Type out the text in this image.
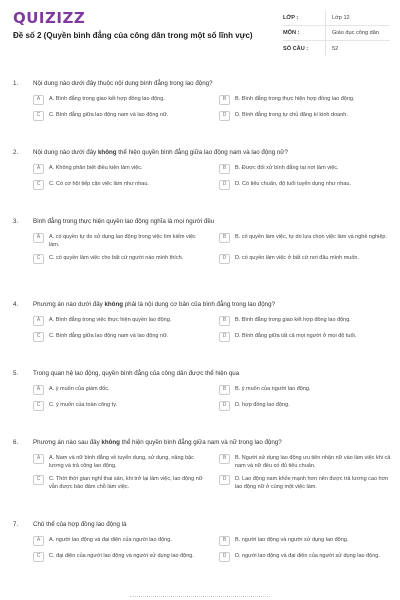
QUIZIZZ
Đề số 2 (Quyền bình đẳng của công dân trong một số lĩnh vực)
LỚP :	Lớp 12
MÔN :	Giáo dục công dân
SỐ CÂU :	52
1.	Nội dung nào dưới đây thuộc nội dung bình đẳng trong lao động?
A	A. Bình đẳng trong giao kết hợp đồng lao động.	B	B. Bình đẳng trong thực hiện hợp đồng lao động.
C	C. Bình đẳng giữa lao động nam và lao động nữ.	D	D. Bình đẳng trong tự chủ đăng kí kinh doanh.
2.	Nội dung nào dưới đây không thể hiện quyền bình đẳng giữa lao động nam và lao động nữ?
A	A. Không phân biệt điều kiện làm việc.	B	B. Được đối xử bình đẳng tại nơi làm việc.
C	C. Có cơ hội tiếp cận việc làm như nhau.	D	D. Có tiêu chuẩn, độ tuổi tuyển dụng như nhau.
3.	Bình đẳng trong thực hiện quyền lao động nghĩa là mọi người đều
A	A. có quyền tự do sử dụng lao động trong việc tìm kiếm việc làm.
B	B. có quyền làm việc, tự do lựa chọn việc làm và nghề nghiệp.
C	C. có quyền làm việc cho bất cứ người nào mình thích.	D	D. có quyền làm việc ở bất cứ nơi đâu mình muốn.
4.	Phương án nào dưới đây không phải là nội dung cơ bản của bình đẳng trong lao động?
A	A. Bình đẳng trong việc thực hiện quyền lao động.	B	B. Bình đẳng trong giao kết hợp đồng lao động.
C	C. Bình đẳng giữa lao động nam và lao động nữ.	D	D. Bình đẳng giữa tất cả mọi người ở mọi độ tuổi.
5.	Trong quan hệ lao động, quyền bình đẳng của công dân được thể hiện qua
A	A. ý muốn của giám đốc.	B	B. ý muốn của người lao động.
C	C. ý muốn của toàn công ty.	D	D. hợp đồng lao động.
6.	Phương án nào sau đây không thể hiện quyền bình đẳng giữa nam và nữ trong lao động?
A	A. Nam và nữ bình đẳng về tuyển dụng, sử dụng, nâng bậc lương và trả công lao động.
B	B. Người sử dụng lao động ưu tiên nhận nữ vào làm việc khi cả nam và nữ đều có đủ tiêu chuẩn.
C	C. Thời thời gian nghỉ thai sản, khi trở lại làm việc, lao động nữ vẫn được bảo đảm chỗ làm việc.
D	D. Lao động nam khỏe mạnh hơn nên được trả lương cao hơn lao động nữ ở cùng một việc làm.
7.	Chủ thể của hợp đồng lao động là
A	A. người lao động và đại diện của người lao động.	B	B. người lao động và người sử dụng lao động.
C	C. đại diện của người lao động và người sử dụng lao động.	D	D. người lao động và đại diện của người sử dụng lao động.
